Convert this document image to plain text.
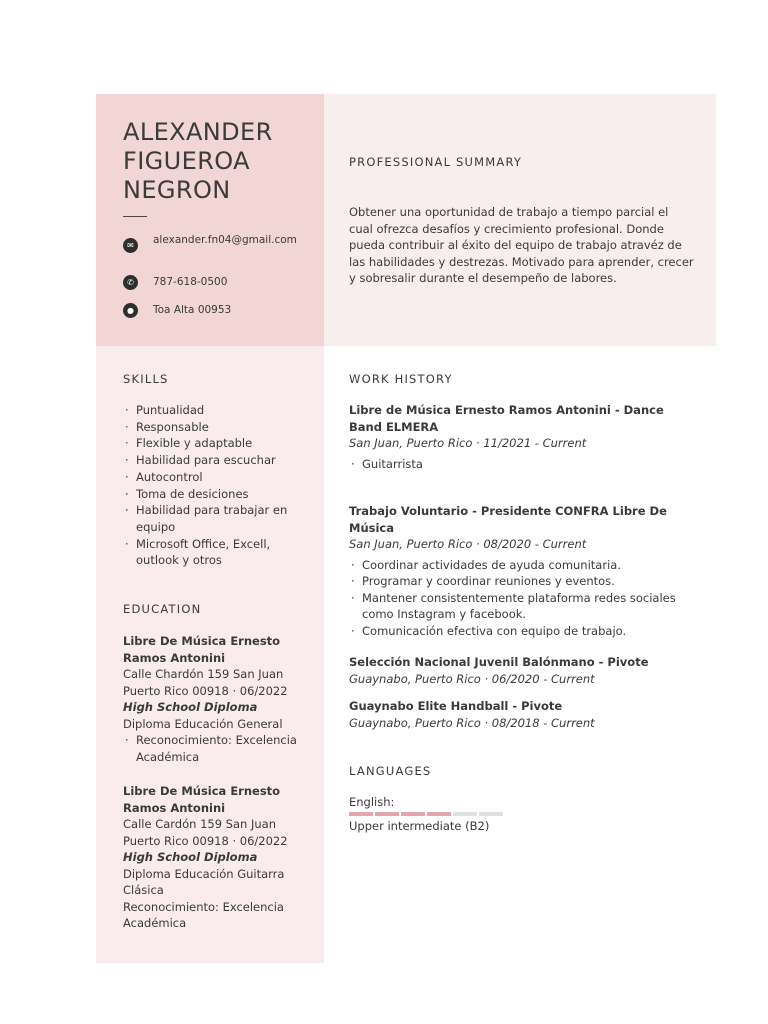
ALEXANDER
FIGUEROA
NEGRON
✉	alexander.fn04@gmail.com
✆	787-618-0500
●	Toa Alta 00953
PROFESSIONAL SUMMARY

Obtener una oportunidad de trabajo a tiempo parcial el cual ofrezca desafíos y crecimiento profesional. Donde pueda contribuir al éxito del equipo de trabajo atravéz de las habilidades y destrezas. Motivado para aprender, crecer y sobresalir durante el desempeño de labores.

SKILLS
· Puntualidad
· Responsable
· Flexible y adaptable
· Habilidad para escuchar
· Autocontrol
· Toma de desiciones
· Habilidad para trabajar en equipo
· Microsoft Office, Excell, outlook y otros
EDUCATION
Libre De Música Ernesto Ramos Antonini
Calle Chardón 159 San Juan Puerto Rico 00918 · 06/2022
High School Diploma
Diploma Educación General
· Reconocimiento: Excelencia Académica
Libre De Música Ernesto Ramos Antonini
Calle Cardón 159 San Juan Puerto Rico 00918 · 06/2022
High School Diploma
Diploma Educación Guitarra Clásica
Reconocimiento: Excelencia Académica
WORK HISTORY
Libre de Música Ernesto Ramos Antonini - Dance Band ELMERA
San Juan, Puerto Rico · 11/2021 - Current
· Guitarrista
Trabajo Voluntario - Presidente CONFRA Libre De Música
San Juan, Puerto Rico · 08/2020 - Current
· Coordinar actividades de ayuda comunitaria.
· Programar y coordinar reuniones y eventos.
· Mantener consistentemente plataforma redes sociales como Instagram y facebook.
· Comunicación efectiva con equipo de trabajo.
Selección Nacional Juvenil Balónmano - Pivote
Guaynabo, Puerto Rico · 06/2020 - Current
Guaynabo Elite Handball - Pivote
Guaynabo, Puerto Rico · 08/2018 - Current
LANGUAGES
English:
Upper intermediate (B2)
